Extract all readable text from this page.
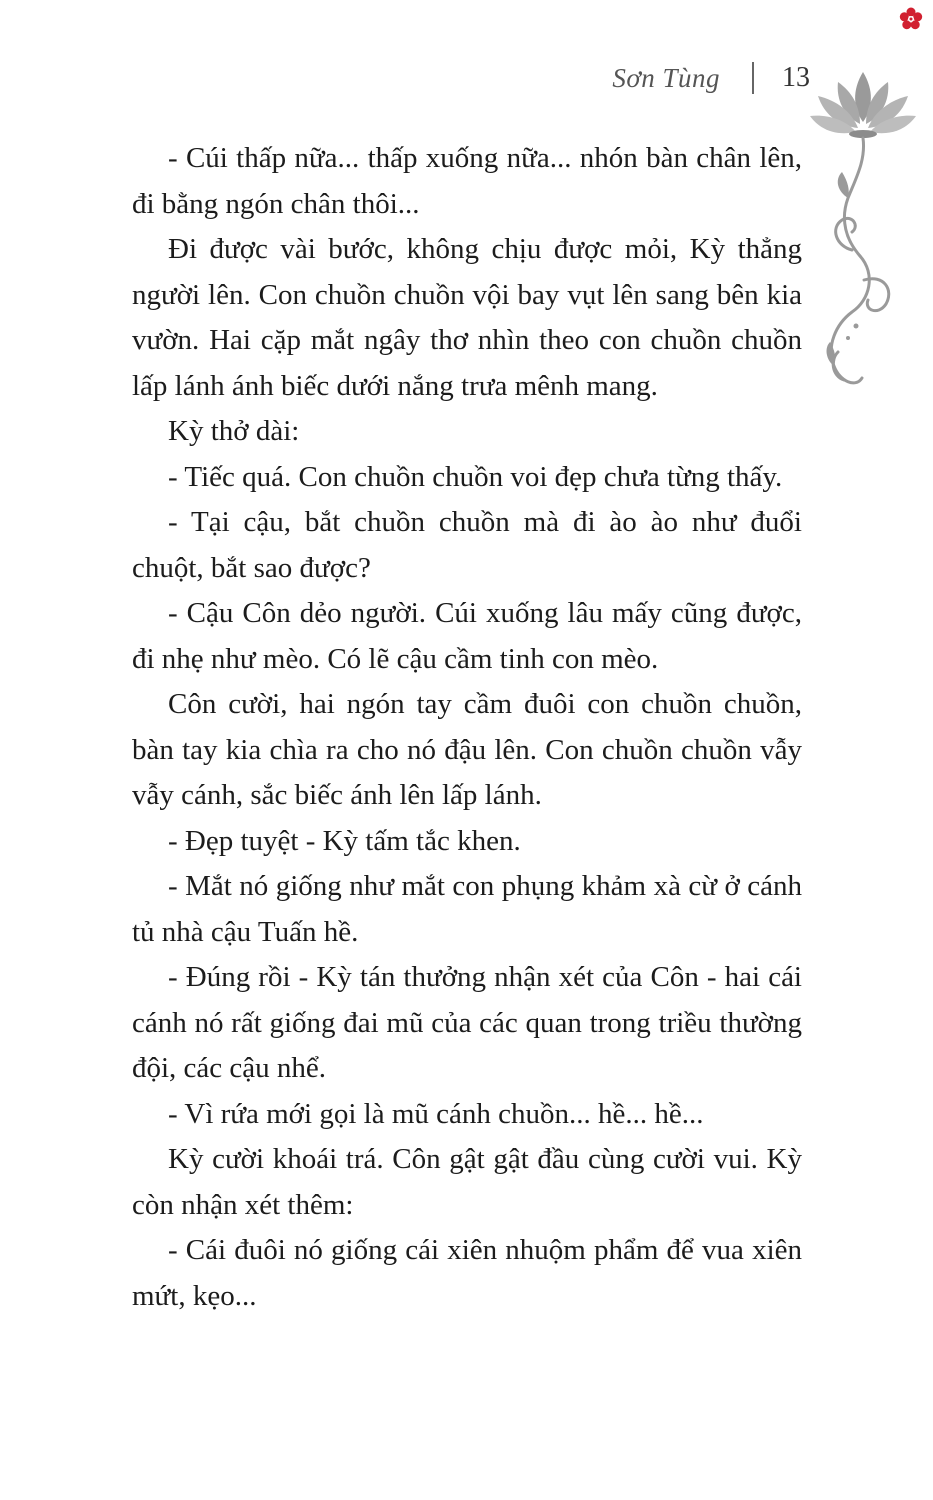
Sơn Tùng 13

- Cúi thấp nữa... thấp xuống nữa... nhón bàn chân lên, đi bằng ngón chân thôi...

Đi được vài bước, không chịu được mỏi, Kỳ thẳng người lên. Con chuồn chuồn vội bay vụt lên sang bên kia vườn. Hai cặp mắt ngây thơ nhìn theo con chuồn chuồn lấp lánh ánh biếc dưới nắng trưa mênh mang.

Kỳ thở dài:

- Tiếc quá. Con chuồn chuồn voi đẹp chưa từng thấy.

- Tại cậu, bắt chuồn chuồn mà đi ào ào như đuổi chuột, bắt sao được?

- Cậu Côn dẻo người. Cúi xuống lâu mấy cũng được, đi nhẹ như mèo. Có lẽ cậu cầm tinh con mèo.

Côn cười, hai ngón tay cầm đuôi con chuồn chuồn, bàn tay kia chìa ra cho nó đậu lên. Con chuồn chuồn vẫy vẫy cánh, sắc biếc ánh lên lấp lánh.

- Đẹp tuyệt - Kỳ tấm tắc khen.

- Mắt nó giống như mắt con phụng khảm xà cừ ở cánh tủ nhà cậu Tuấn hề.

- Đúng rồi - Kỳ tán thưởng nhận xét của Côn - hai cái cánh nó rất giống đai mũ của các quan trong triều thường đội, các cậu nhể.

- Vì rứa mới gọi là mũ cánh chuồn... hề... hề...

Kỳ cười khoái trá. Côn gật gật đầu cùng cười vui. Kỳ còn nhận xét thêm:

- Cái đuôi nó giống cái xiên nhuộm phẩm để vua xiên mứt, kẹo...
